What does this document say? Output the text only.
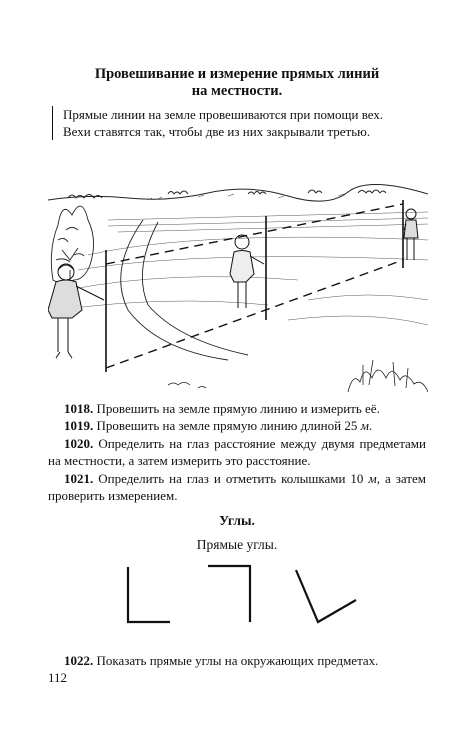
Провешивание и измерение прямых линий
на местности.
Прямые линии на земле провешиваются при помощи вех.
Вехи ставятся так, чтобы две из них закрывали третью.

1018. Провешить на земле прямую линию и измерить её.

1019. Провешить на земле прямую линию длиной 25 м.

1020. Определить на глаз расстояние между двумя предметами на местности, а затем измерить это расстояние.

1021. Определить на глаз и отметить колышками 10 м, а затем проверить измерением.

Углы.
Прямые углы.
1022. Показать прямые углы на окружающих предметах.
112
